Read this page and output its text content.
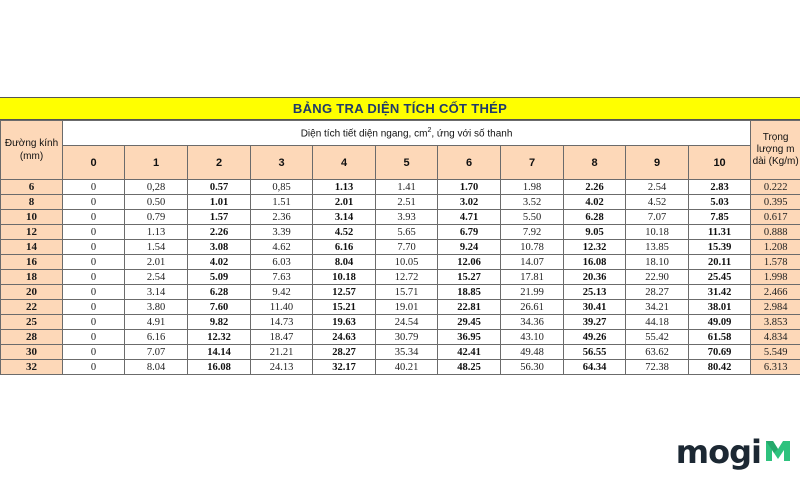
BẢNG TRA DIỆN TÍCH CỐT THÉP
Đường kính (mm)	Diện tích tiết diện ngang, $cm^2$, ứng với số thanh											Trọng lượng m dài (Kg/m)
	0	1	2	3	4	5	6	7	8	9	10	
6	0	0,28	0.57	0,85	1.13	1.41	1.70	1.98	2.26	2.54	2.83	0.222
8	0	0.50	1.01	1.51	2.01	2.51	3.02	3.52	4.02	4.52	5.03	0.395
10	0	0.79	1.57	2.36	3.14	3.93	4.71	5.50	6.28	7.07	7.85	0.617
12	0	1.13	2.26	3.39	4.52	5.65	6.79	7.92	9.05	10.18	11.31	0.888
14	0	1.54	3.08	4.62	6.16	7.70	9.24	10.78	12.32	13.85	15.39	1.208
16	0	2.01	4.02	6.03	8.04	10.05	12.06	14.07	16.08	18.10	20.11	1.578
18	0	2.54	5.09	7.63	10.18	12.72	15.27	17.81	20.36	22.90	25.45	1.998
20	0	3.14	6.28	9.42	12.57	15.71	18.85	21.99	25.13	28.27	31.42	2.466
22	0	3.80	7.60	11.40	15.21	19.01	22.81	26.61	30.41	34.21	38.01	2.984
25	0	4.91	9.82	14.73	19.63	24.54	29.45	34.36	39.27	44.18	49.09	3.853
28	0	6.16	12.32	18.47	24.63	30.79	36.95	43.10	49.26	55.42	61.58	4.834
30	0	7.07	14.14	21.21	28.27	35.34	42.41	49.48	56.55	63.62	70.69	5.549
32	0	8.04	16.08	24.13	32.17	40.21	48.25	56.30	64.34	72.38	80.42	6.313
mogi
